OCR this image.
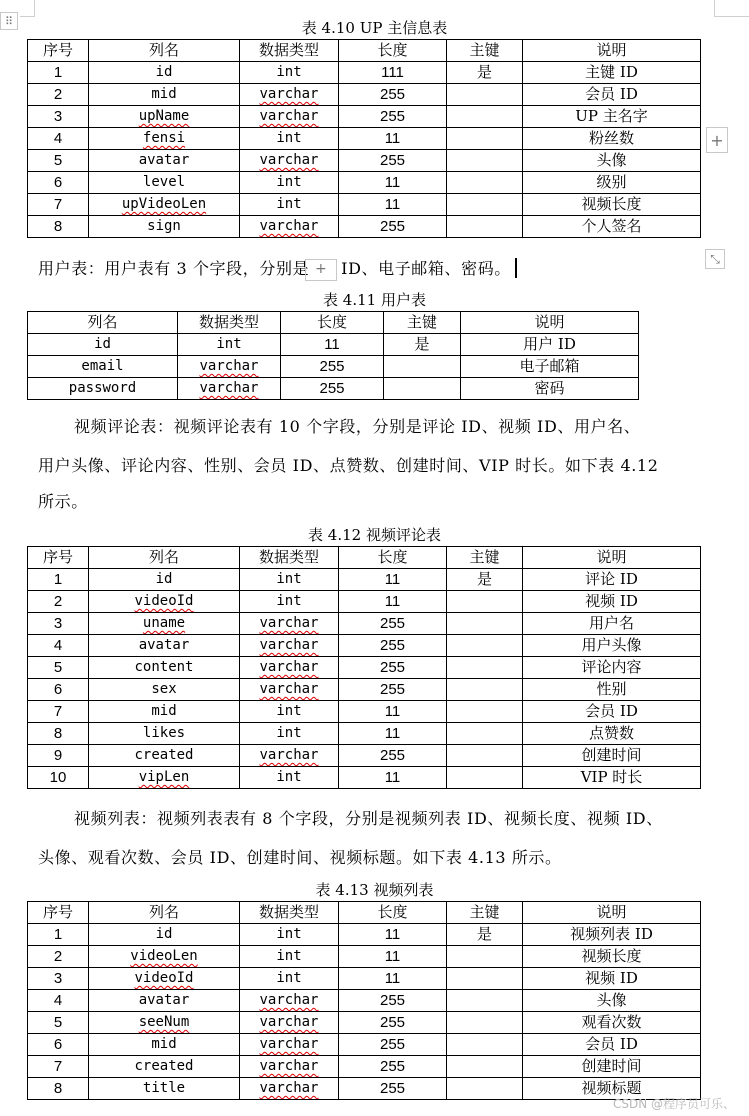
⠿	表 4.10 UP 主信息表
序号	列名	数据类型	长度	主键	说明
1	id	int	111	是	主键 ID
2	mid	varchar	255		会员 ID
3	upName	varchar	255		UP 主名字
4	fensi	int	11		粉丝数
5	avatar	varchar	255		头像
6	level	int	11		级别
7	upVideoLen	int	11		视频长度
8	sign	varchar	255		个人签名
+
⤡
用户表：用户表有 3 个字段，分别是 + ID、电子邮箱、密码。
表 4.11 用户表
列名	数据类型	长度	主键	说明
id	int	11	是	用户 ID
email	varchar	255		电子邮箱
password	varchar	255		密码
视频评论表：视频评论表有 10 个字段，分别是评论 ID、视频 ID、用户名、
用户头像、评论内容、性别、会员 ID、点赞数、创建时间、VIP 时长。如下表 4.12
所示。
表 4.12 视频评论表
序号	列名	数据类型	长度	主键	说明
1	id	int	11	是	评论 ID
2	videoId	int	11		视频 ID
3	uname	varchar	255		用户名
4	avatar	varchar	255		用户头像
5	content	varchar	255		评论内容
6	sex	varchar	255		性别
7	mid	int	11		会员 ID
8	likes	int	11		点赞数
9	created	varchar	255		创建时间
10	vipLen	int	11		VIP 时长
视频列表：视频列表表有 8 个字段，分别是视频列表 ID、视频长度、视频 ID、
头像、观看次数、会员 ID、创建时间、视频标题。如下表 4.13 所示。
表 4.13 视频列表
序号	列名	数据类型	长度	主键	说明
1	id	int	11	是	视频列表 ID
2	videoLen	int	11		视频长度
3	videoId	int	11		视频 ID
4	avatar	varchar	255		头像
5	seeNum	varchar	255		观看次数
6	mid	varchar	255		会员 ID
7	created	varchar	255		创建时间
8	title	varchar	255		视频标题
CSDN @程序员可乐、
